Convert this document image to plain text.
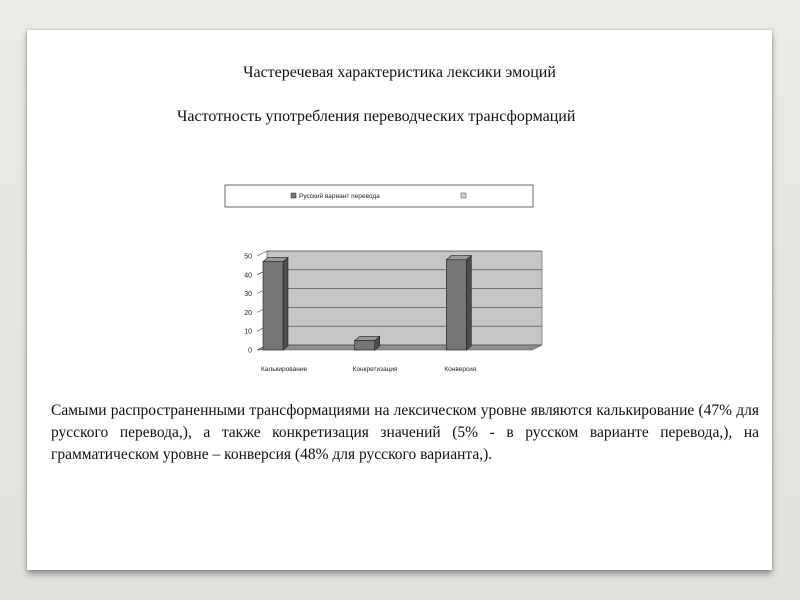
Частеречевая характеристика лексики эмоций
Частотность употребления переводческих трансформаций
Русский вариант перевода
0
10
20
30
40
50
Калькирование	Конкретизация	Конверсия
Самыми распространенными трансформациями на лексическом уровне являются калькирование (47% для русского перевода,), а также конкретизация значений (5% - в русском варианте перевода,), на грамматическом уровне – конверсия (48% для русского варианта,).
